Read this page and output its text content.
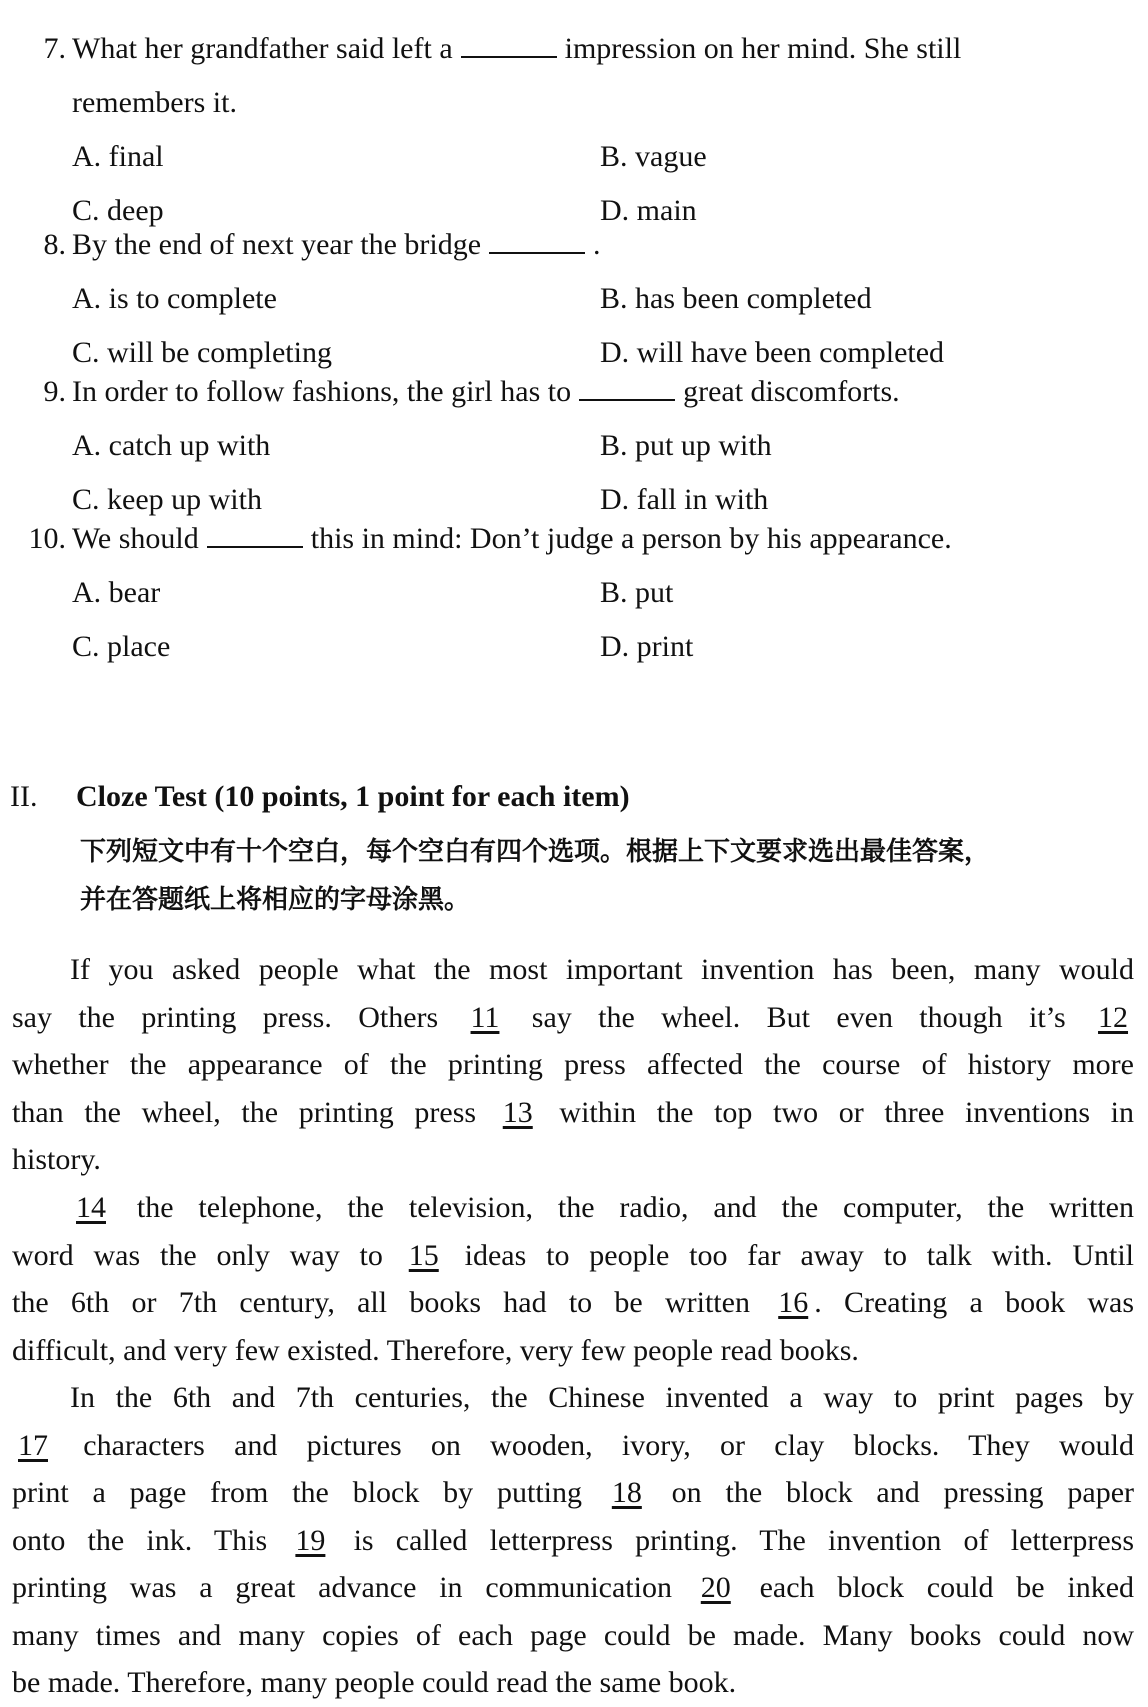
7. What her grandfather said left a	impression on her mind. She still
remembers it.
A. final	B. vague
C. deep	D. main
8. By the end of next year the bridge	.
A. is to complete	B. has been completed
C. will be completing	D. will have been completed
9. In order to follow fashions, the girl has to	great discomforts.
A. catch up with	B. put up with
C. keep up with	D. fall in with
10. We should	this in mind: Don’t judge a person by his appearance.
A. bear	B. put
C. place	D. print
II. Cloze Test (10 points, 1 point for each item)
下列短文中有十个空白，每个空白有四个选项。根据上下文要求选出最佳答案，
并在答题纸上将相应的字母涂黑。
If you asked people what the most important invention has been, many would
say the printing press. Others 11 say the wheel. But even though it’s 12
whether the appearance of the printing press affected the course of history more
than the wheel, the printing press 13 within the top two or three inventions in
history.
14 the telephone, the television, the radio, and the computer, the written
word was the only way to 15 ideas to people too far away to talk with. Until
the 6th or 7th century, all books had to be written 16 . Creating a book was
difficult, and very few existed. Therefore, very few people read books.
In the 6th and 7th centuries, the Chinese invented a way to print pages by
17 characters and pictures on wooden, ivory, or clay blocks. They would
print a page from the block by putting 18 on the block and pressing paper
onto the ink. This 19 is called letterpress printing. The invention of letterpress
printing was a great advance in communication 20 each block could be inked
many times and many copies of each page could be made. Many books could now
be made. Therefore, many people could read the same book.
